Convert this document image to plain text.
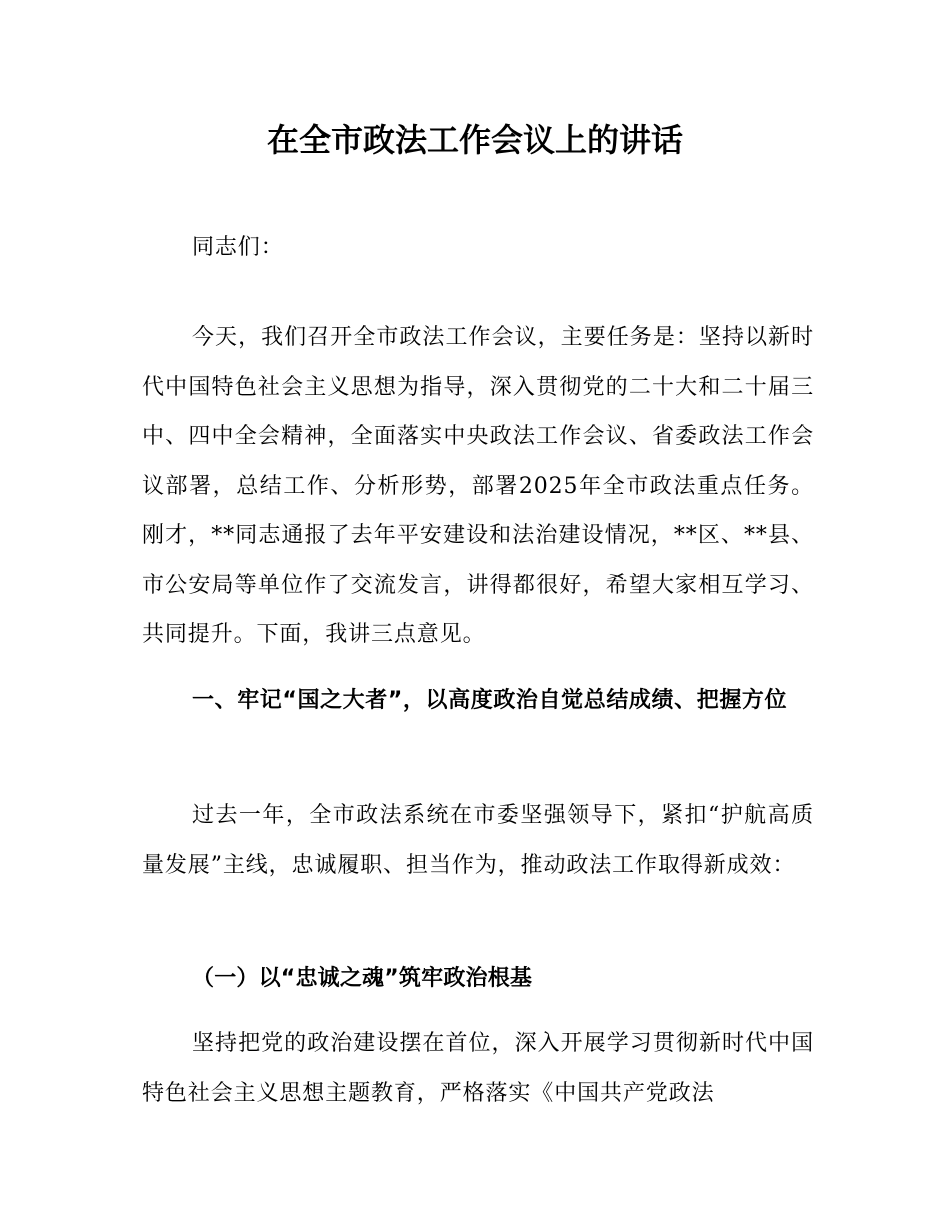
在全市政法工作会议上的讲话

同志们：

今天，我们召开全市政法工作会议，主要任务是：坚持以新时代中国特色社会主义思想为指导，深入贯彻党的二十大和二十届三中、四中全会精神，全面落实中央政法工作会议、省委政法工作会议部署，总结工作、分析形势，部署2025年全市政法重点任务。刚才，**同志通报了去年平安建设和法治建设情况，**区、**县、市公安局等单位作了交流发言，讲得都很好，希望大家相互学习、共同提升。下面，我讲三点意见。

一、牢记“国之大者”，以高度政治自觉总结成绩、把握方位

过去一年，全市政法系统在市委坚强领导下，紧扣“护航高质量发展”主线，忠诚履职、担当作为，推动政法工作取得新成效：

（一）以“忠诚之魂”筑牢政治根基

坚持把党的政治建设摆在首位，深入开展学习贯彻新时代中国特色社会主义思想主题教育，严格落实《中国共产党政法
